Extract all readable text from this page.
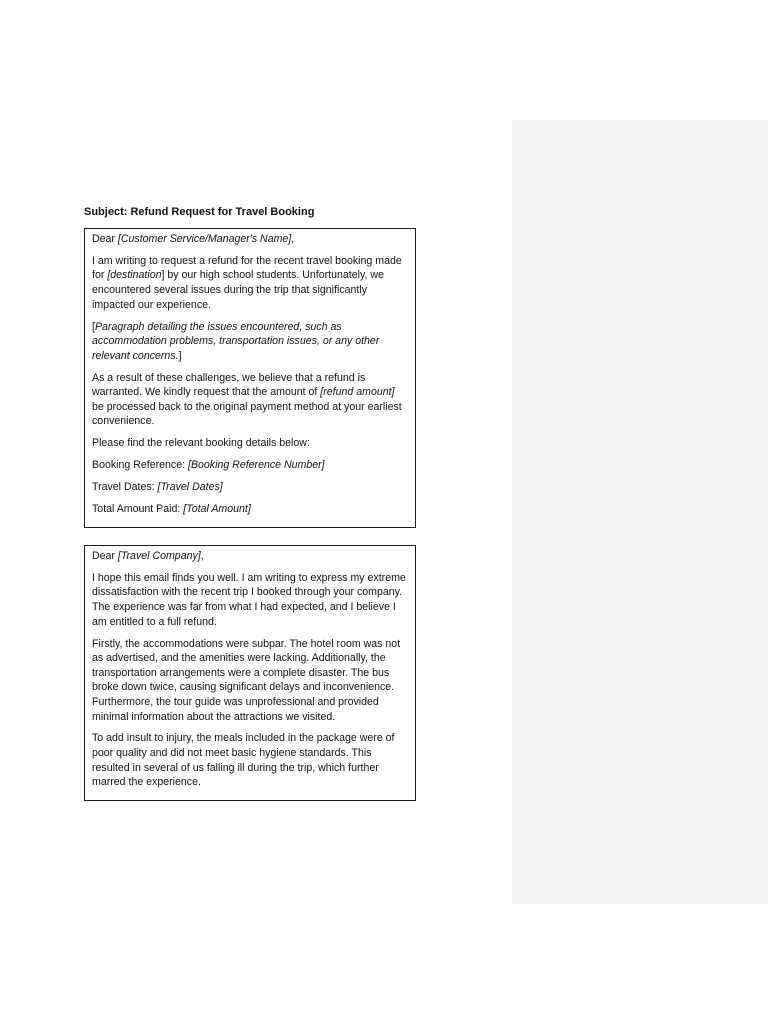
Subject: Refund Request for Travel Booking

Dear [Customer Service/Manager's Name],

I am writing to request a refund for the recent travel booking made for [destination] by our high school students. Unfortunately, we encountered several issues during the trip that significantly impacted our experience.

[Paragraph detailing the issues encountered, such as accommodation problems, transportation issues, or any other relevant concerns.]

As a result of these challenges, we believe that a refund is warranted. We kindly request that the amount of [refund amount] be processed back to the original payment method at your earliest convenience.

Please find the relevant booking details below:

Booking Reference: [Booking Reference Number]

Travel Dates: [Travel Dates]

Total Amount Paid: [Total Amount]

Dear [Travel Company],

I hope this email finds you well. I am writing to express my extreme dissatisfaction with the recent trip I booked through your company. The experience was far from what I had expected, and I believe I am entitled to a full refund.

Firstly, the accommodations were subpar. The hotel room was not as advertised, and the amenities were lacking. Additionally, the transportation arrangements were a complete disaster. The bus broke down twice, causing significant delays and inconvenience. Furthermore, the tour guide was unprofessional and provided minimal information about the attractions we visited.

To add insult to injury, the meals included in the package were of poor quality and did not meet basic hygiene standards. This resulted in several of us falling ill during the trip, which further marred the experience.
